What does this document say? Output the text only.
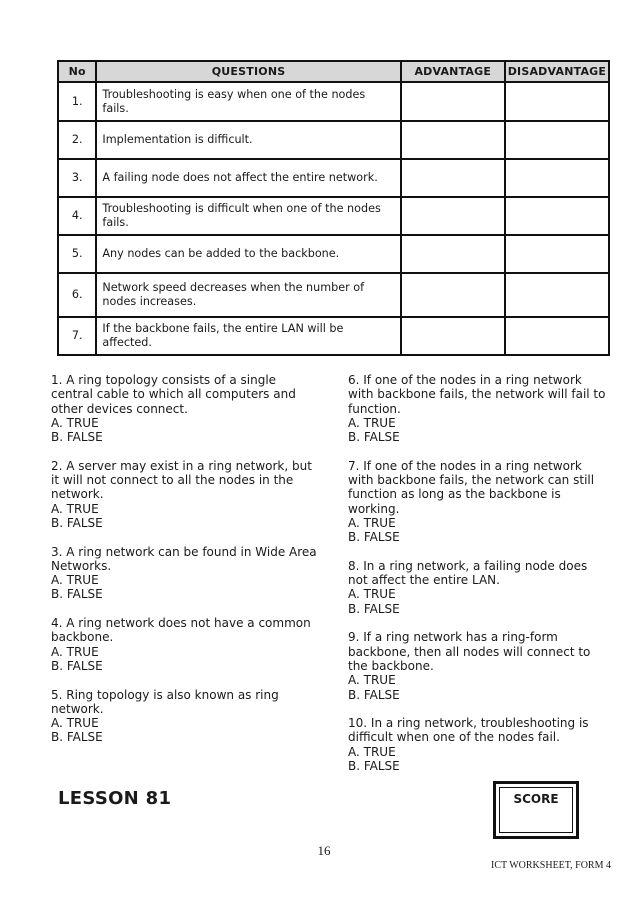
No	QUESTIONS	ADVANTAGE	DISADVANTAGE
1.	Troubleshooting is easy when one of the nodes fails.		
2.	Implementation is difficult.		
3.	A failing node does not affect the entire network.		
4.	Troubleshooting is difficult when one of the nodes fails.		
5.	Any nodes can be added to the backbone.		
6.	Network speed decreases when the number of nodes increases.		
7.	If the backbone fails, the entire LAN will be affected.		

1. A ring topology consists of a single central cable to which all computers and other devices connect.

A. TRUE

B. FALSE

2. A server may exist in a ring network, but it will not connect to all the nodes in the network.

A. TRUE

B. FALSE

3. A ring network can be found in Wide Area Networks.

A. TRUE

B. FALSE

4. A ring network does not have a common backbone.

A. TRUE

B. FALSE

5. Ring topology is also known as ring network.

A. TRUE

B. FALSE

6. If one of the nodes in a ring network with backbone fails, the network will fail to function.

A. TRUE

B. FALSE

7. If one of the nodes in a ring network with backbone fails, the network can still function as long as the backbone is working.

A. TRUE

B. FALSE

8. In a ring network, a failing node does not affect the entire LAN.

A. TRUE

B. FALSE

9. If a ring network has a ring-form backbone, then all nodes will connect to the backbone.

A. TRUE

B. FALSE

10. In a ring network, troubleshooting is difficult when one of the nodes fail.

A. TRUE

B. FALSE

LESSON 81	SCORE
16
ICT WORKSHEET, FORM 4
